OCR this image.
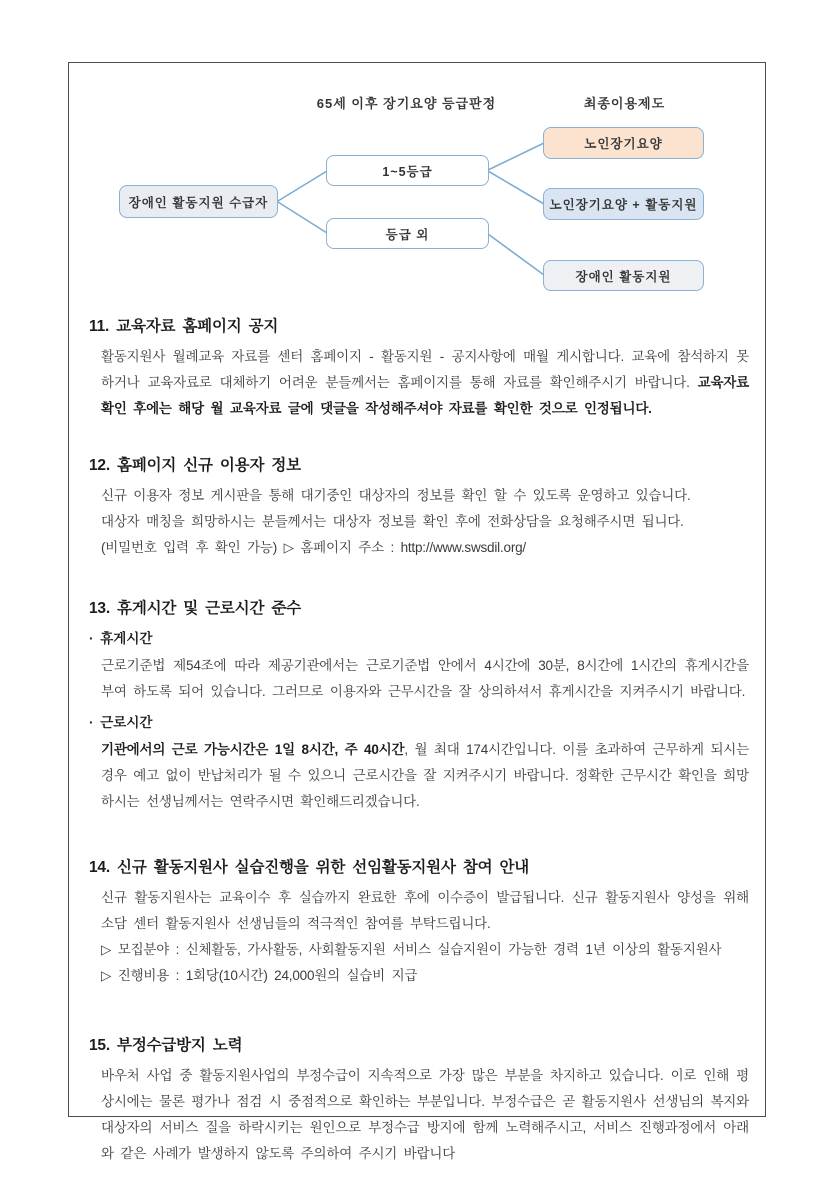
65세 이후 장기요양 등급판정	최종이용제도
장애인 활동지원 수급자
1~5등급
등급 외
노인장기요양
노인장기요양 + 활동지원
장애인 활동지원
11. 교육자료 홈페이지 공지

활동지원사 월례교육 자료를 센터 홈페이지 - 활동지원 - 공지사항에 매월 게시합니다. 교육에 참석하지 못하거나 교육자료로 대체하기 어려운 분들께서는 홈페이지를 통해 자료를 확인해주시기 바랍니다. 교육자료 확인 후에는 해당 월 교육자료 글에 댓글을 작성해주셔야 자료를 확인한 것으로 인정됩니다.

12. 홈페이지 신규 이용자 정보

신규 이용자 정보 게시판을 통해 대기중인 대상자의 정보를 확인 할 수 있도록 운영하고 있습니다.
대상자 매칭을 희망하시는 분들께서는 대상자 정보를 확인 후에 전화상담을 요청해주시면 됩니다.
(비밀번호 입력 후 확인 가능) ▷ 홈페이지 주소 : http://www.swsdil.org/

13. 휴게시간 및 근로시간 준수
· 휴게시간

근로기준법 제54조에 따라 제공기관에서는 근로기준법 안에서 4시간에 30분, 8시간에 1시간의 휴게시간을 부여 하도록 되어 있습니다. 그러므로 이용자와 근무시간을 잘 상의하셔서 휴게시간을 지켜주시기 바랍니다.

· 근로시간

기관에서의 근로 가능시간은 1일 8시간, 주 40시간, 월 최대 174시간입니다. 이를 초과하여 근무하게 되시는 경우 예고 없이 반납처리가 될 수 있으니 근로시간을 잘 지켜주시기 바랍니다. 정확한 근무시간 확인을 희망하시는 선생님께서는 연락주시면 확인해드리겠습니다.

14. 신규 활동지원사 실습진행을 위한 선임활동지원사 참여 안내

신규 활동지원사는 교육이수 후 실습까지 완료한 후에 이수증이 발급됩니다. 신규 활동지원사 양성을 위해 소담 센터 활동지원사 선생님들의 적극적인 참여를 부탁드립니다.

▷ 모집분야 : 신체활동, 가사활동, 사회활동지원 서비스 실습지원이 가능한 경력 1년 이상의 활동지원사

▷ 진행비용 : 1회당(10시간) 24,000원의 실습비 지급

15. 부정수급방지 노력

바우처 사업 중 활동지원사업의 부정수급이 지속적으로 가장 많은 부분을 차지하고 있습니다. 이로 인해 평상시에는 물론 평가나 점검 시 중점적으로 확인하는 부분입니다. 부정수급은 곧 활동지원사 선생님의 복지와 대상자의 서비스 질을 하락시키는 원인으로 부정수급 방지에 함께 노력해주시고, 서비스 진행과정에서 아래와 같은 사례가 발생하지 않도록 주의하여 주시기 바랍니다
